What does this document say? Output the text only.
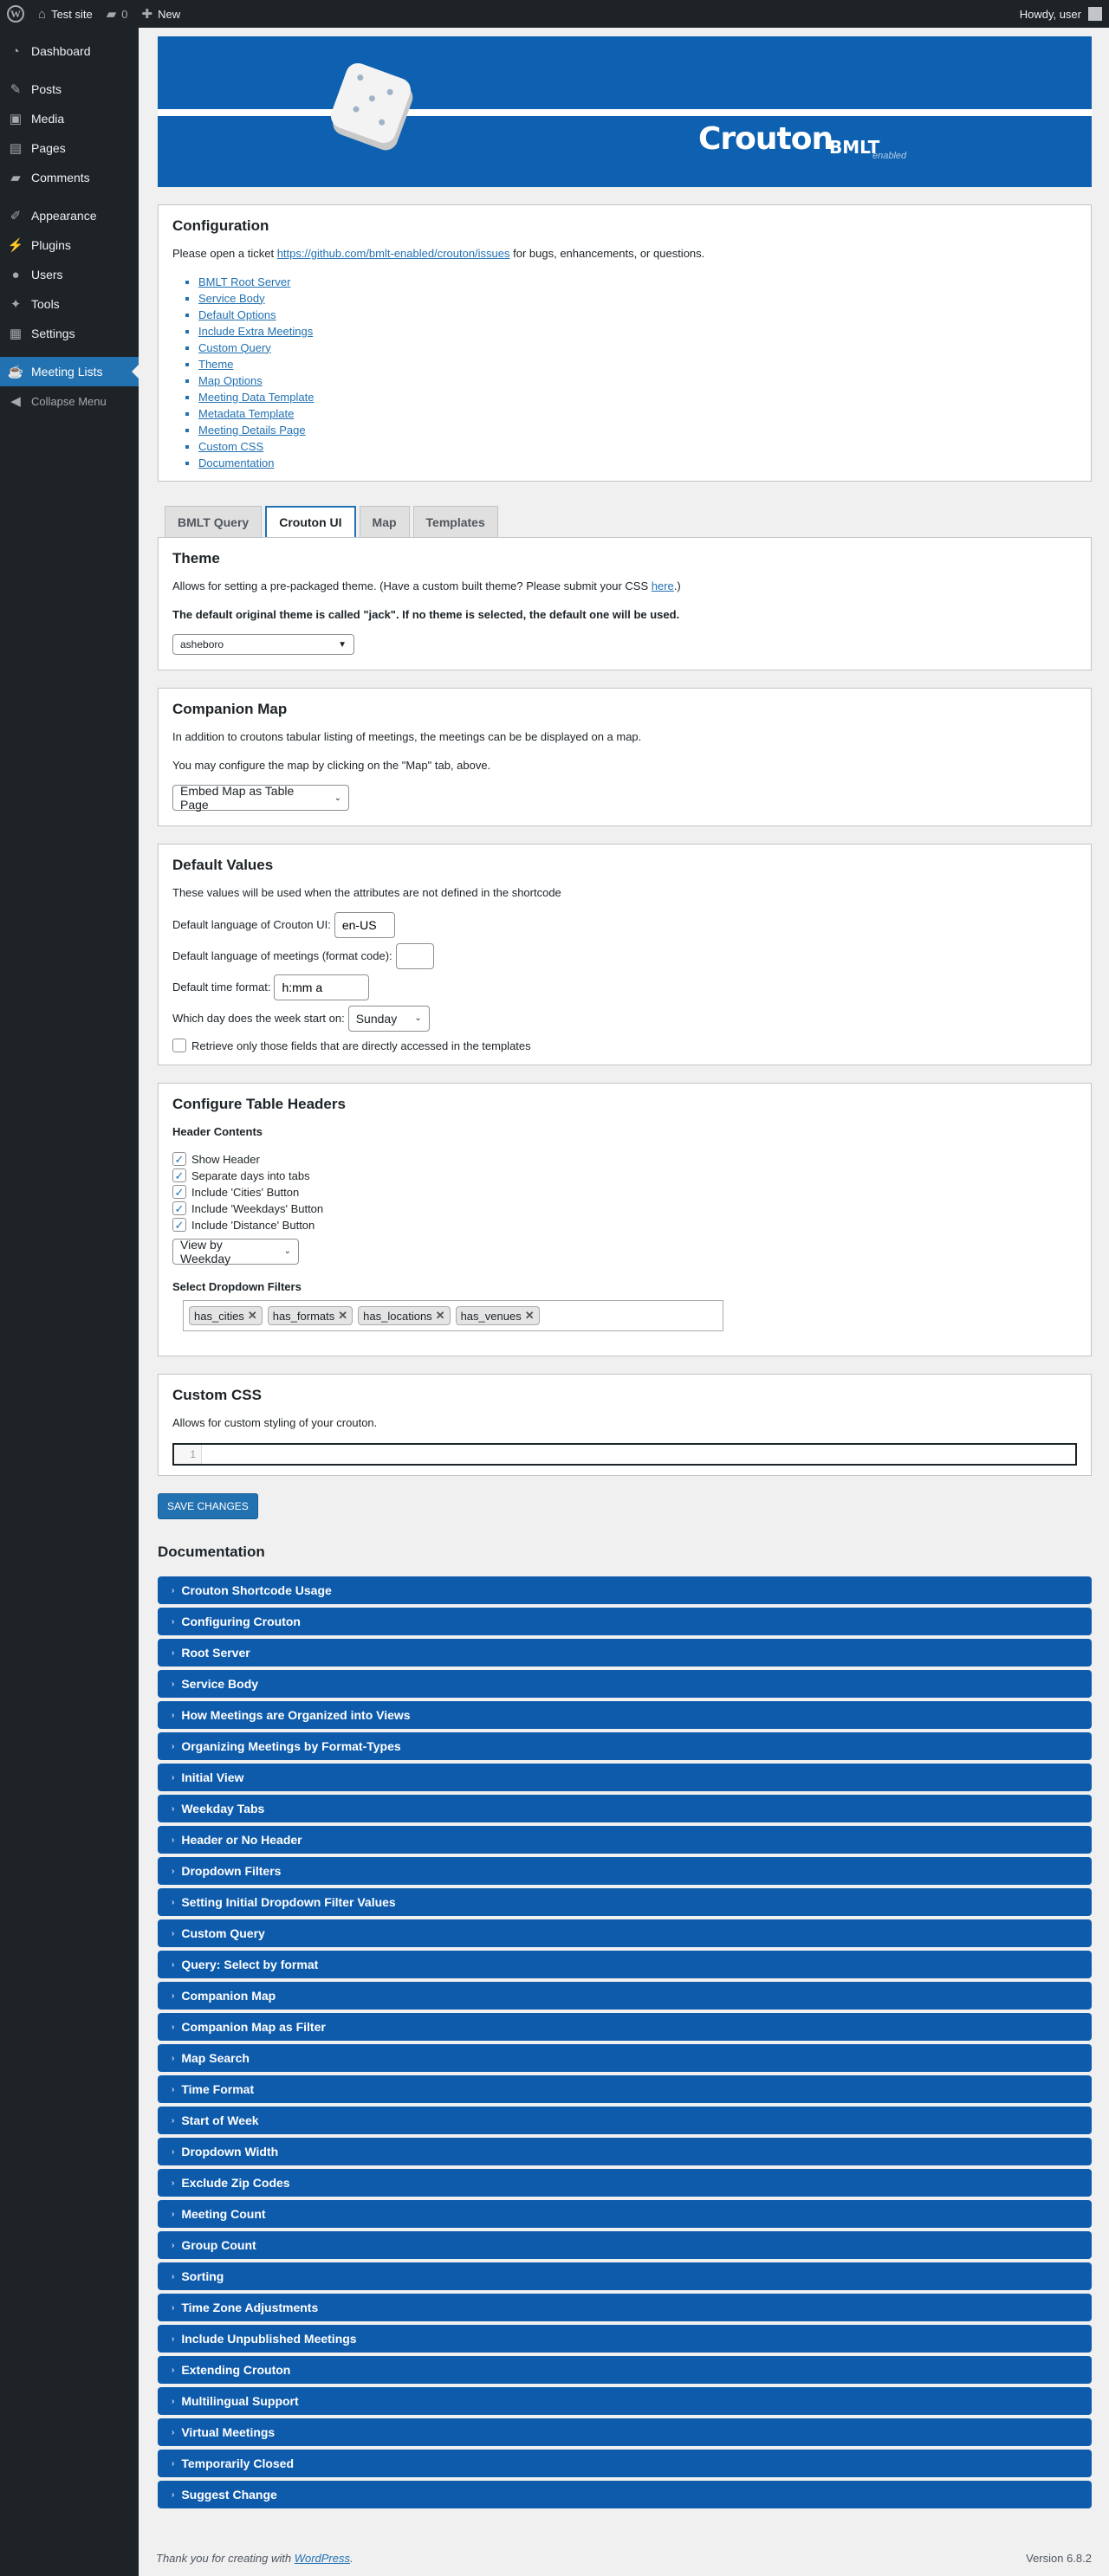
W ⌂ Test site ▰ 0 ✚ New	Howdy, user
◔ Dashboard
✎ Posts
▣ Media
▤ Pages
▰ Comments
✐ Appearance
⚡ Plugins
● Users
✦ Tools
▦ Settings
☕ Meeting Lists
◀ Collapse Menu
Crouton
BMLT
enabled
Configuration

Please open a ticket https://github.com/bmlt-enabled/crouton/issues for bugs, enhancements, or questions.

▪ BMLT Root Server
▪ Service Body
▪ Default Options
▪ Include Extra Meetings
▪ Custom Query
▪ Theme
▪ Map Options
▪ Meeting Data Template
▪ Metadata Template
▪ Meeting Details Page
▪ Custom CSS
▪ Documentation
BMLT Query	Crouton UI	Map	Templates
Theme

Allows for setting a pre-packaged theme. (Have a custom built theme? Please submit your CSS here.)

The default original theme is called "jack". If no theme is selected, the default one will be used.

asheboro	▼
Companion Map

In addition to croutons tabular listing of meetings, the meetings can be be displayed on a map.

You may configure the map by clicking on the "Map" tab, above.

Embed Map as Table Page	⌄
Default Values

These values will be used when the attributes are not defined in the shortcode

Default language of Crouton UI:
en-US
Default language of meetings (format code):
Default time format:
h:mm a
Which day does the week start on: Sunday ⌄
Retrieve only those fields that are directly accessed in the templates
Configure Table Headers

Header Contents

✓ Show Header
✓ Separate days into tabs
✓ Include 'Cities' Button
✓ Include 'Weekdays' Button
✓ Include 'Distance' Button
View by Weekday	⌄

Select Dropdown Filters

has_cities ✕ has_formats ✕ has_locations ✕ has_venues ✕
Custom CSS

Allows for custom styling of your crouton.

1
SAVE CHANGES
Documentation
› Crouton Shortcode Usage
› Configuring Crouton
› Root Server
› Service Body
› How Meetings are Organized into Views
› Organizing Meetings by Format-Types
› Initial View
› Weekday Tabs
› Header or No Header
› Dropdown Filters
› Setting Initial Dropdown Filter Values
› Custom Query
› Query: Select by format
› Companion Map
› Companion Map as Filter
› Map Search
› Time Format
› Start of Week
› Dropdown Width
› Exclude Zip Codes
› Meeting Count
› Group Count
› Sorting
› Time Zone Adjustments
› Include Unpublished Meetings
› Extending Crouton
› Multilingual Support
› Virtual Meetings
› Temporarily Closed
› Suggest Change
Thank you for creating with WordPress.	Version 6.8.2
